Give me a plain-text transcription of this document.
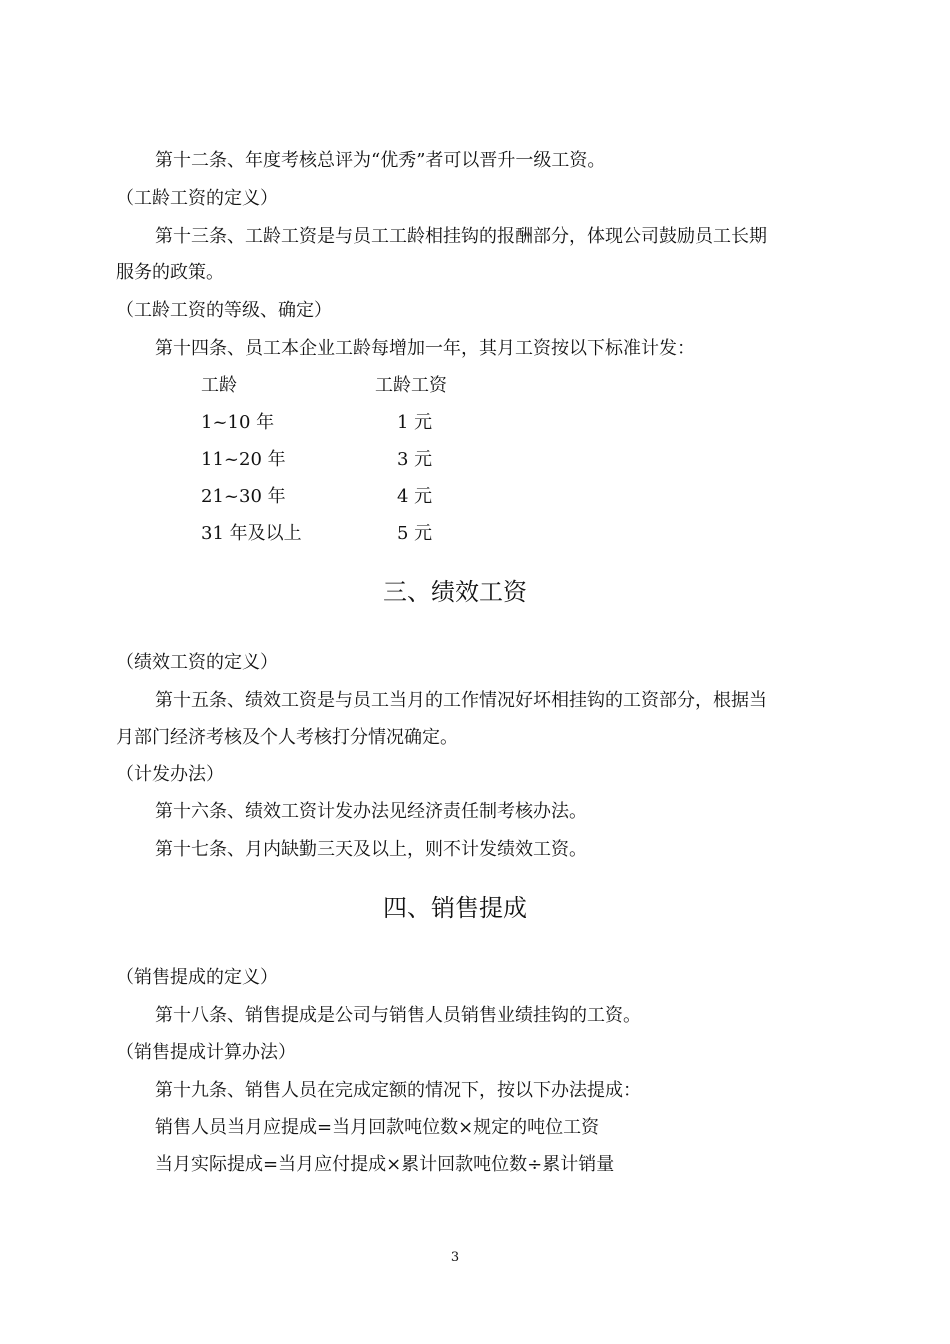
第十二条、年度考核总评为“优秀”者可以晋升一级工资。
（工龄工资的定义）
第十三条、工龄工资是与员工工龄相挂钩的报酬部分，体现公司鼓励员工长期
服务的政策。
（工龄工资的等级、确定）
第十四条、员工本企业工龄每增加一年，其月工资按以下标准计发：
工龄	工龄工资
1~10 年	1 元
11~20 年	3 元
21~30 年	4 元
31 年及以上	5 元
三、绩效工资
（绩效工资的定义）
第十五条、绩效工资是与员工当月的工作情况好坏相挂钩的工资部分，根据当
月部门经济考核及个人考核打分情况确定。
（计发办法）
第十六条、绩效工资计发办法见经济责任制考核办法。
第十七条、月内缺勤三天及以上，则不计发绩效工资。
四、销售提成
（销售提成的定义）
第十八条、销售提成是公司与销售人员销售业绩挂钩的工资。
（销售提成计算办法）
第十九条、销售人员在完成定额的情况下，按以下办法提成：
销售人员当月应提成=当月回款吨位数×规定的吨位工资
当月实际提成=当月应付提成×累计回款吨位数÷累计销量
3
